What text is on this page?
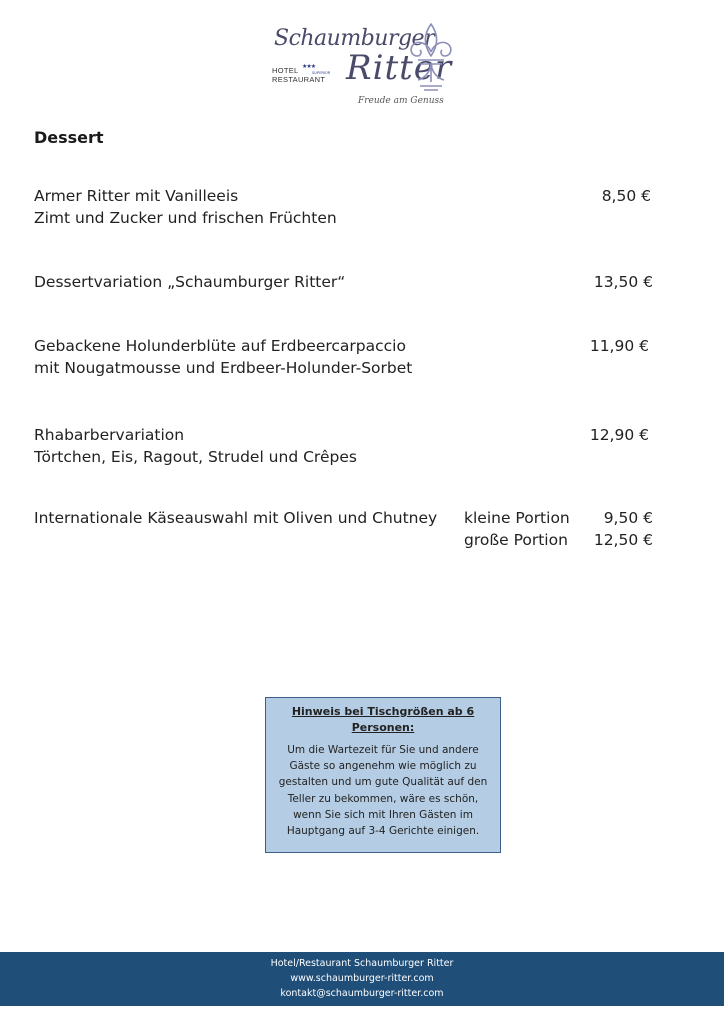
Schaumburger
Ritter
HOTEL
RESTAURANT
★★★
SUPERIOR
Freude am Genuss
Dessert
Armer Ritter mit Vanilleeis
Zimt und Zucker und frischen Früchten
8,50 €
Dessertvariation „Schaumburger Ritter“	13,50 €
Gebackene Holunderblüte auf Erdbeercarpaccio
mit Nougatmousse und Erdbeer-Holunder-Sorbet
11,90 €
Rhabarbervariation
Törtchen, Eis, Ragout, Strudel und Crêpes
12,90 €
Internationale Käseauswahl mit Oliven und Chutney kleine Portion	9,50 €
große Portion	12,50 €
Hinweis bei Tischgrößen ab 6
Personen:
Um die Wartezeit für Sie und andere
Gäste so angenehm wie möglich zu
gestalten und um gute Qualität auf den
Teller zu bekommen, wäre es schön,
wenn Sie sich mit Ihren Gästen im
Hauptgang auf 3-4 Gerichte einigen.
Hotel/Restaurant Schaumburger Ritter
www.schaumburger-ritter.com
kontakt@schaumburger-ritter.com
